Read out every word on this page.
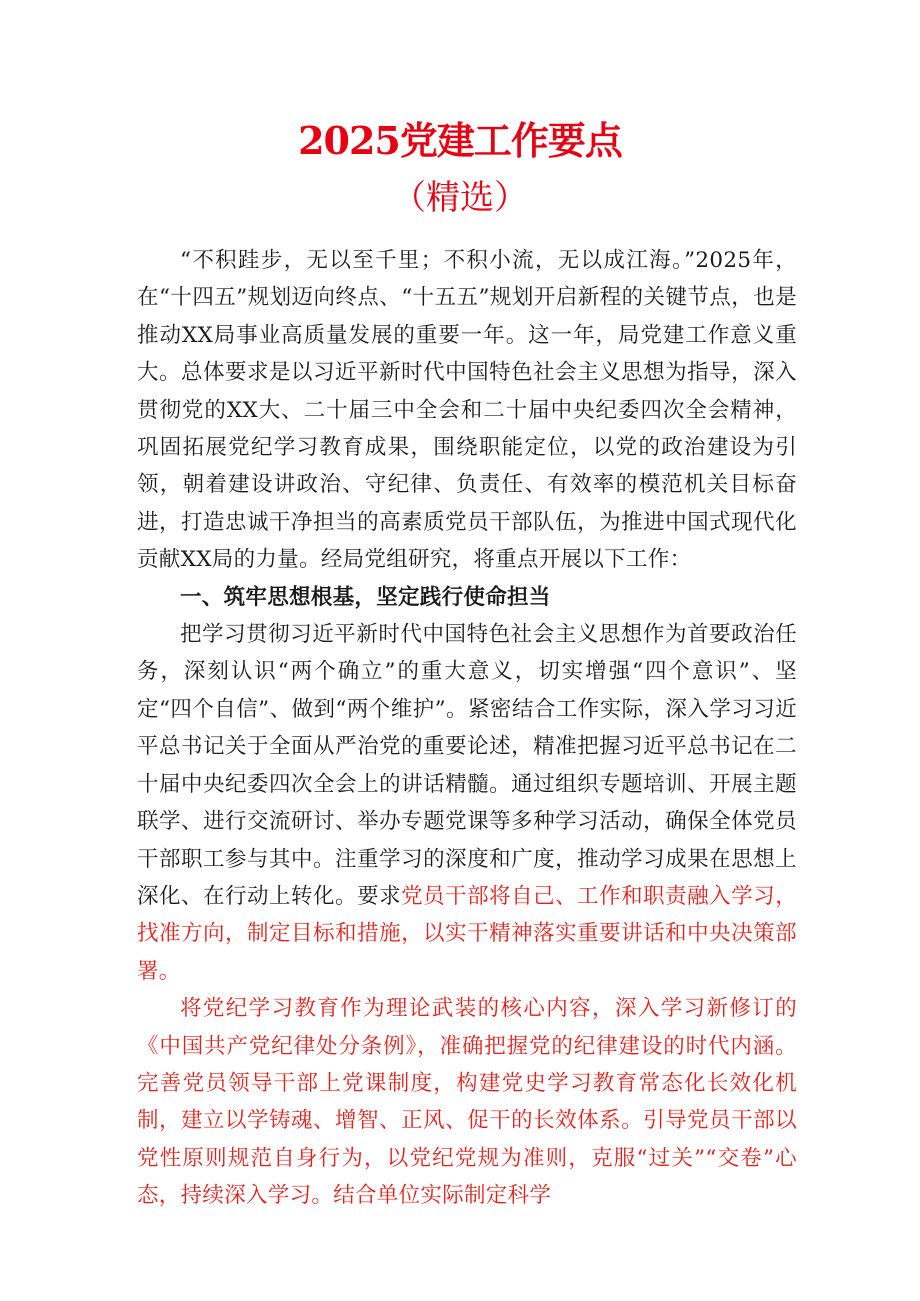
2025党建工作要点
（精选）

“不积跬步，无以至千里；不积小流，无以成江海。”2025年，在“十四五”规划迈向终点、“十五五”规划开启新程的关键节点，也是推动XX局事业高质量发展的重要一年。这一年，局党建工作意义重大。总体要求是以习近平新时代中国特色社会主义思想为指导，深入贯彻党的XX大、二十届三中全会和二十届中央纪委四次全会精神，巩固拓展党纪学习教育成果，围绕职能定位，以党的政治建设为引领，朝着建设讲政治、守纪律、负责任、有效率的模范机关目标奋进，打造忠诚干净担当的高素质党员干部队伍，为推进中国式现代化贡献XX局的力量。经局党组研究，将重点开展以下工作：

一、筑牢思想根基，坚定践行使命担当

把学习贯彻习近平新时代中国特色社会主义思想作为首要政治任务，深刻认识“两个确立”的重大意义，切实增强“四个意识”、坚定“四个自信”、做到“两个维护”。紧密结合工作实际，深入学习习近平总书记关于全面从严治党的重要论述，精准把握习近平总书记在二十届中央纪委四次全会上的讲话精髓。通过组织专题培训、开展主题联学、进行交流研讨、举办专题党课等多种学习活动，确保全体党员干部职工参与其中。注重学习的深度和广度，推动学习成果在思想上深化、在行动上转化。要求党员干部将自己、工作和职责融入学习，找准方向，制定目标和措施，以实干精神落实重要讲话和中央决策部署。

将党纪学习教育作为理论武装的核心内容，深入学习新修订的《中国共产党纪律处分条例》，准确把握党的纪律建设的时代内涵。完善党员领导干部上党课制度，构建党史学习教育常态化长效化机制，建立以学铸魂、增智、正风、促干的长效体系。引导党员干部以党性原则规范自身行为，以党纪党规为准则，克服“过关”“交卷”心态，持续深入学习。结合单位实际制定科学
